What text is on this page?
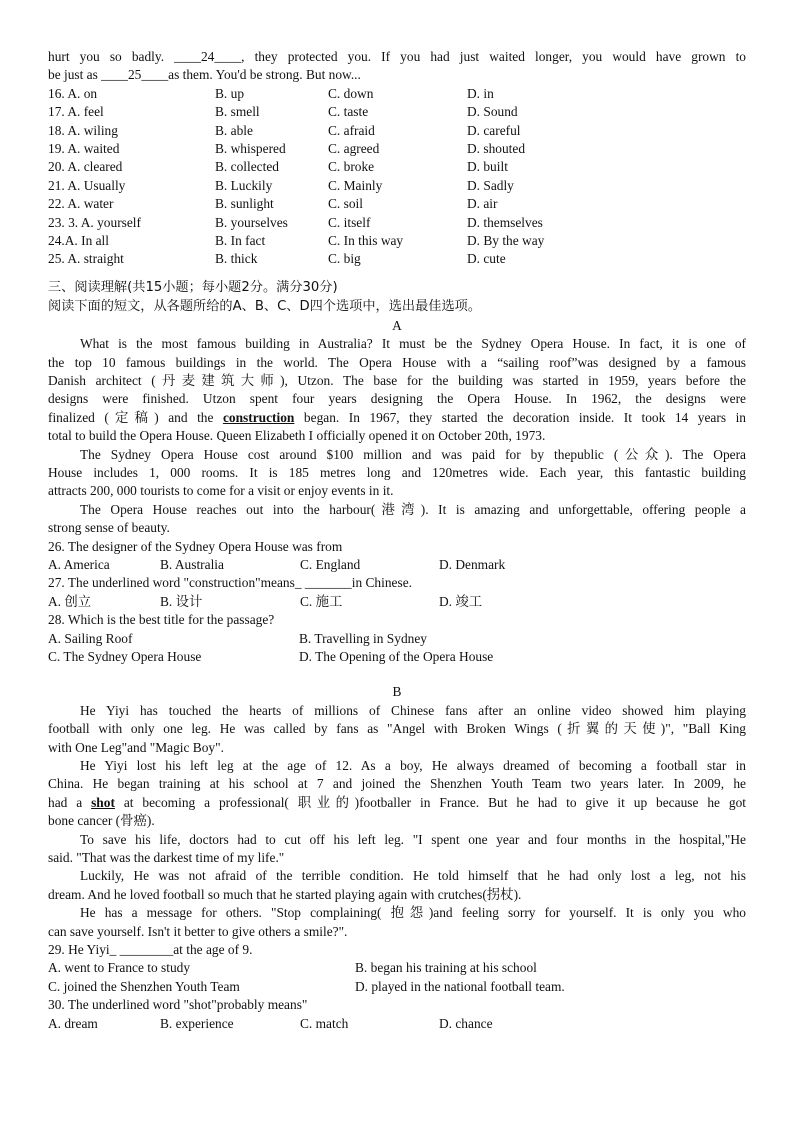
hurt you so badly. ____24____, they protected you. If you had just waited longer, you would have grown to

be just as ____25____as them. You'd be strong. But now...

16. A. on	B. up	C. down	D. in
17. A. feel	B. smell	C. taste	D. Sound
18. A. wiling	B. able	C. afraid	D. careful
19. A. waited	B. whispered	C. agreed	D. shouted
20. A. cleared	B. collected	C. broke	D. built
21. A. Usually	B. Luckily	C. Mainly	D. Sadly
22. A. water	B. sunlight	C. soil	D. air
23. 3. A. yourself	B. yourselves	C. itself	D. themselves
24.A. In all	B. In fact	C. In this way	D. By the way
25. A. straight	B. thick	C. big	D. cute

三、阅读理解(共15小题；每小题2分。满分30分)

阅读下面的短文，从各题所给的A、B、C、D四个选项中，选出最佳选项。

A

What is the most famous building in Australia? It must be the Sydney Opera House. In fact, it is one of

the top 10 famous buildings in the world. The Opera House with a “sailing roof”was designed by a famous

Danish architect (丹麦建筑大师), Utzon. The base for the building was started in 1959, years before the

designs were finished. Utzon spent four years designing the Opera House. In 1962, the designs were

finalized (定稿) and the construction began. In 1967, they started the decoration inside. It took 14 years in

total to build the Opera House. Queen Elizabeth I officially opened it on October 20th, 1973.

The Sydney Opera House cost around $100 million and was paid for by thepublic (公众). The Opera

House includes 1, 000 rooms. It is 185 metres long and 120metres wide. Each year, this fantastic building

attracts 200, 000 tourists to come for a visit or enjoy events in it.

The Opera House reaches out into the harbour(港湾). It is amazing and unforgettable, offering people a

strong sense of beauty.

26. The designer of the Sydney Opera House was from

A. America	B. Australia	C. England	D. Denmark

27. The underlined word "construction"means_ _______in Chinese.

A. 创立	B. 设计	C. 施工	D. 竣工

28. Which is the best title for the passage?

A. Sailing Roof	B. Travelling in Sydney
C. The Sydney Opera House	D. The Opening of the Opera House

B

He Yiyi has touched the hearts of millions of Chinese fans after an online video showed him playing

football with only one leg. He was called by fans as "Angel with Broken Wings (折翼的天使)", "Ball King

with One Leg"and "Magic Boy".

He Yiyi lost his left leg at the age of 12. As a boy, He always dreamed of becoming a football star in

China. He began training at his school at 7 and joined the Shenzhen Youth Team two years later. In 2009, he

had a shot at becoming a professional( 职业的)footballer in France. But he had to give it up because he got

bone cancer (骨癌).

To save his life, doctors had to cut off his left leg. "I spent one year and four months in the hospital,"He

said. "That was the darkest time of my life."

Luckily, He was not afraid of the terrible condition. He told himself that he had only lost a leg, not his

dream. And he loved football so much that he started playing again with crutches(拐杖).

He has a message for others. "Stop complaining( 抱怨)and feeling sorry for yourself. It is only you who

can save yourself. Isn't it better to give others a smile?".

29. He Yiyi_ ________at the age of 9.

A. went to France to study	B. began his training at his school
C. joined the Shenzhen Youth Team	D. played in the national football team.

30. The underlined word "shot"probably means"

A. dream	B. experience	C. match	D. chance
